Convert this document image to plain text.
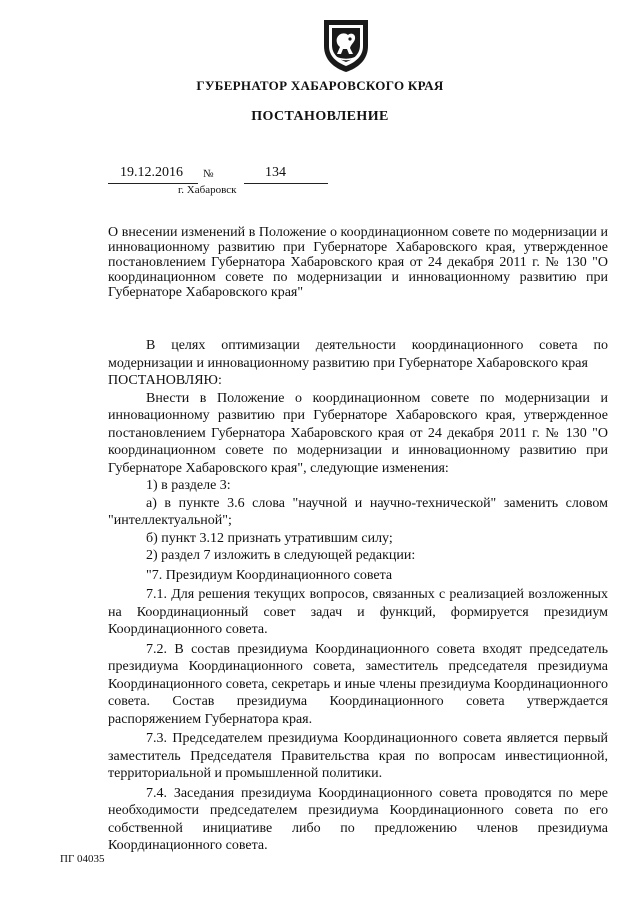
ГУБЕРНАТОР ХАБАРОВСКОГО КРАЯ
ПОСТАНОВЛЕНИЕ
19.12.2016 №	134
г. Хабаровск

О внесении изменений в Положение о координационном совете по модернизации и инновационному развитию при Губернаторе Хабаровского края, утвержденное постановлением Губернатора Хабаровского края от 24 декабря 2011 г. № 130 "О координационном совете по модернизации и инновационному развитию при Губернаторе Хабаровского края"

В целях оптимизации деятельности координационного совета по модернизации и инновационному развитию при Губернаторе Хабаровского края

ПОСТАНОВЛЯЮ:

Внести в Положение о координационном совете по модернизации и инновационному развитию при Губернаторе Хабаровского края, утвержденное постановлением Губернатора Хабаровского края от 24 декабря 2011 г. № 130 "О координационном совете по модернизации и инновационному развитию при Губернаторе Хабаровского края", следующие изменения:

1) в разделе 3:

а) в пункте 3.6 слова "научной и научно-технической" заменить словом "интеллектуальной";

б) пункт 3.12 признать утратившим силу;

2) раздел 7 изложить в следующей редакции:

"7. Президиум Координационного совета

7.1. Для решения текущих вопросов, связанных с реализацией возложенных на Координационный совет задач и функций, формируется президиум Координационного совета.

7.2. В состав президиума Координационного совета входят председатель президиума Координационного совета, заместитель председателя президиума Координационного совета, секретарь и иные члены президиума Координационного совета. Состав президиума Координационного совета утверждается распоряжением Губернатора края.

7.3. Председателем президиума Координационного совета является первый заместитель Председателя Правительства края по вопросам инвестиционной, территориальной и промышленной политики.

7.4. Заседания президиума Координационного совета проводятся по мере необходимости председателем президиума Координационного совета по его собственной инициативе либо по предложению членов президиума Координационного совета.

ПГ 04035
